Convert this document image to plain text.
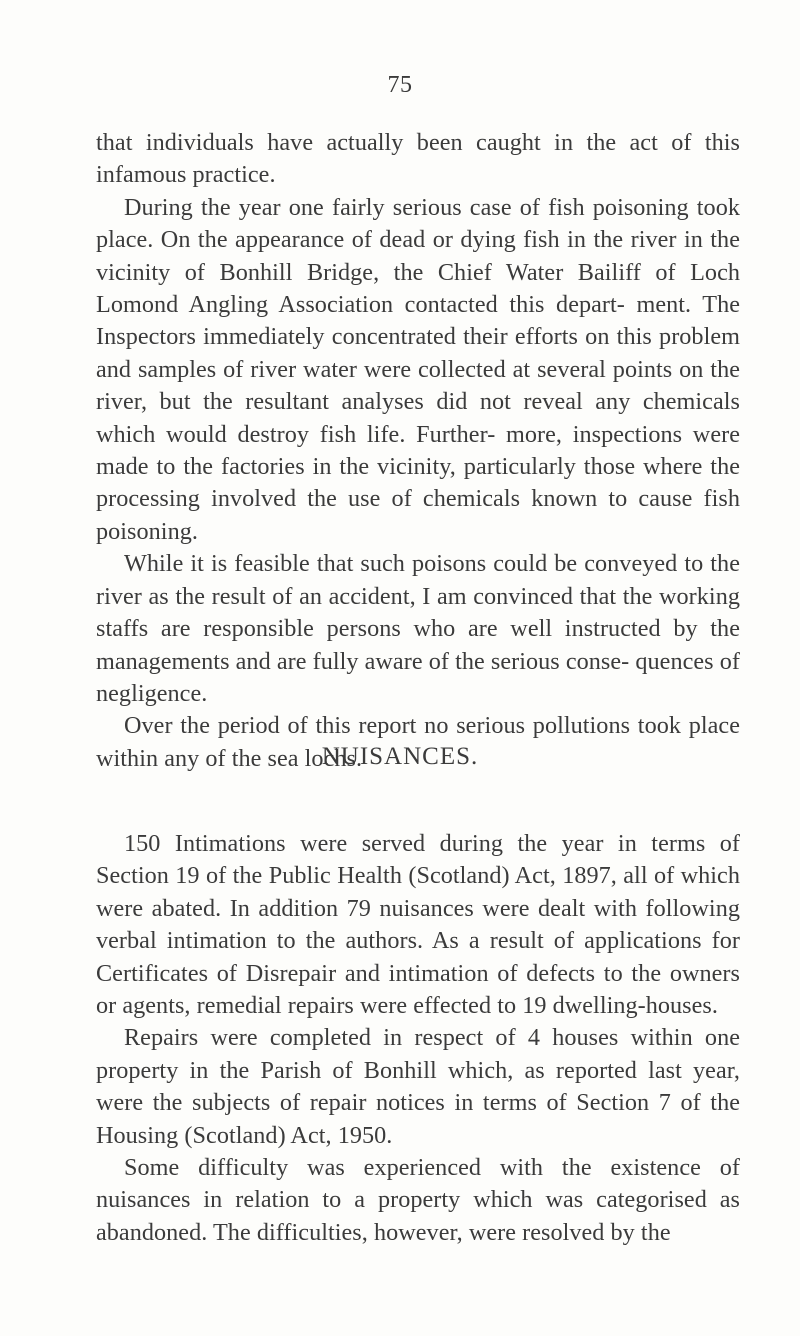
75

that individuals have actually been caught in the act of this infamous practice.

During the year one fairly serious case of fish poisoning took place. On the appearance of dead or dying fish in the river in the vicinity of Bonhill Bridge, the Chief Water Bailiff of Loch Lomond Angling Association contacted this depart- ment. The Inspectors immediately concentrated their efforts on this problem and samples of river water were collected at several points on the river, but the resultant analyses did not reveal any chemicals which would destroy fish life. Further- more, inspections were made to the factories in the vicinity, particularly those where the processing involved the use of chemicals known to cause fish poisoning.

While it is feasible that such poisons could be conveyed to the river as the result of an accident, I am convinced that the working staffs are responsible persons who are well instructed by the managements and are fully aware of the serious conse- quences of negligence.

Over the period of this report no serious pollutions took place within any of the sea lochs.

NUISANCES.

150 Intimations were served during the year in terms of Section 19 of the Public Health (Scotland) Act, 1897, all of which were abated. In addition 79 nuisances were dealt with following verbal intimation to the authors. As a result of applications for Certificates of Disrepair and intimation of defects to the owners or agents, remedial repairs were effected to 19 dwelling-houses.

Repairs were completed in respect of 4 houses within one property in the Parish of Bonhill which, as reported last year, were the subjects of repair notices in terms of Section 7 of the Housing (Scotland) Act, 1950.

Some difficulty was experienced with the existence of nuisances in relation to a property which was categorised as abandoned. The difficulties, however, were resolved by the
